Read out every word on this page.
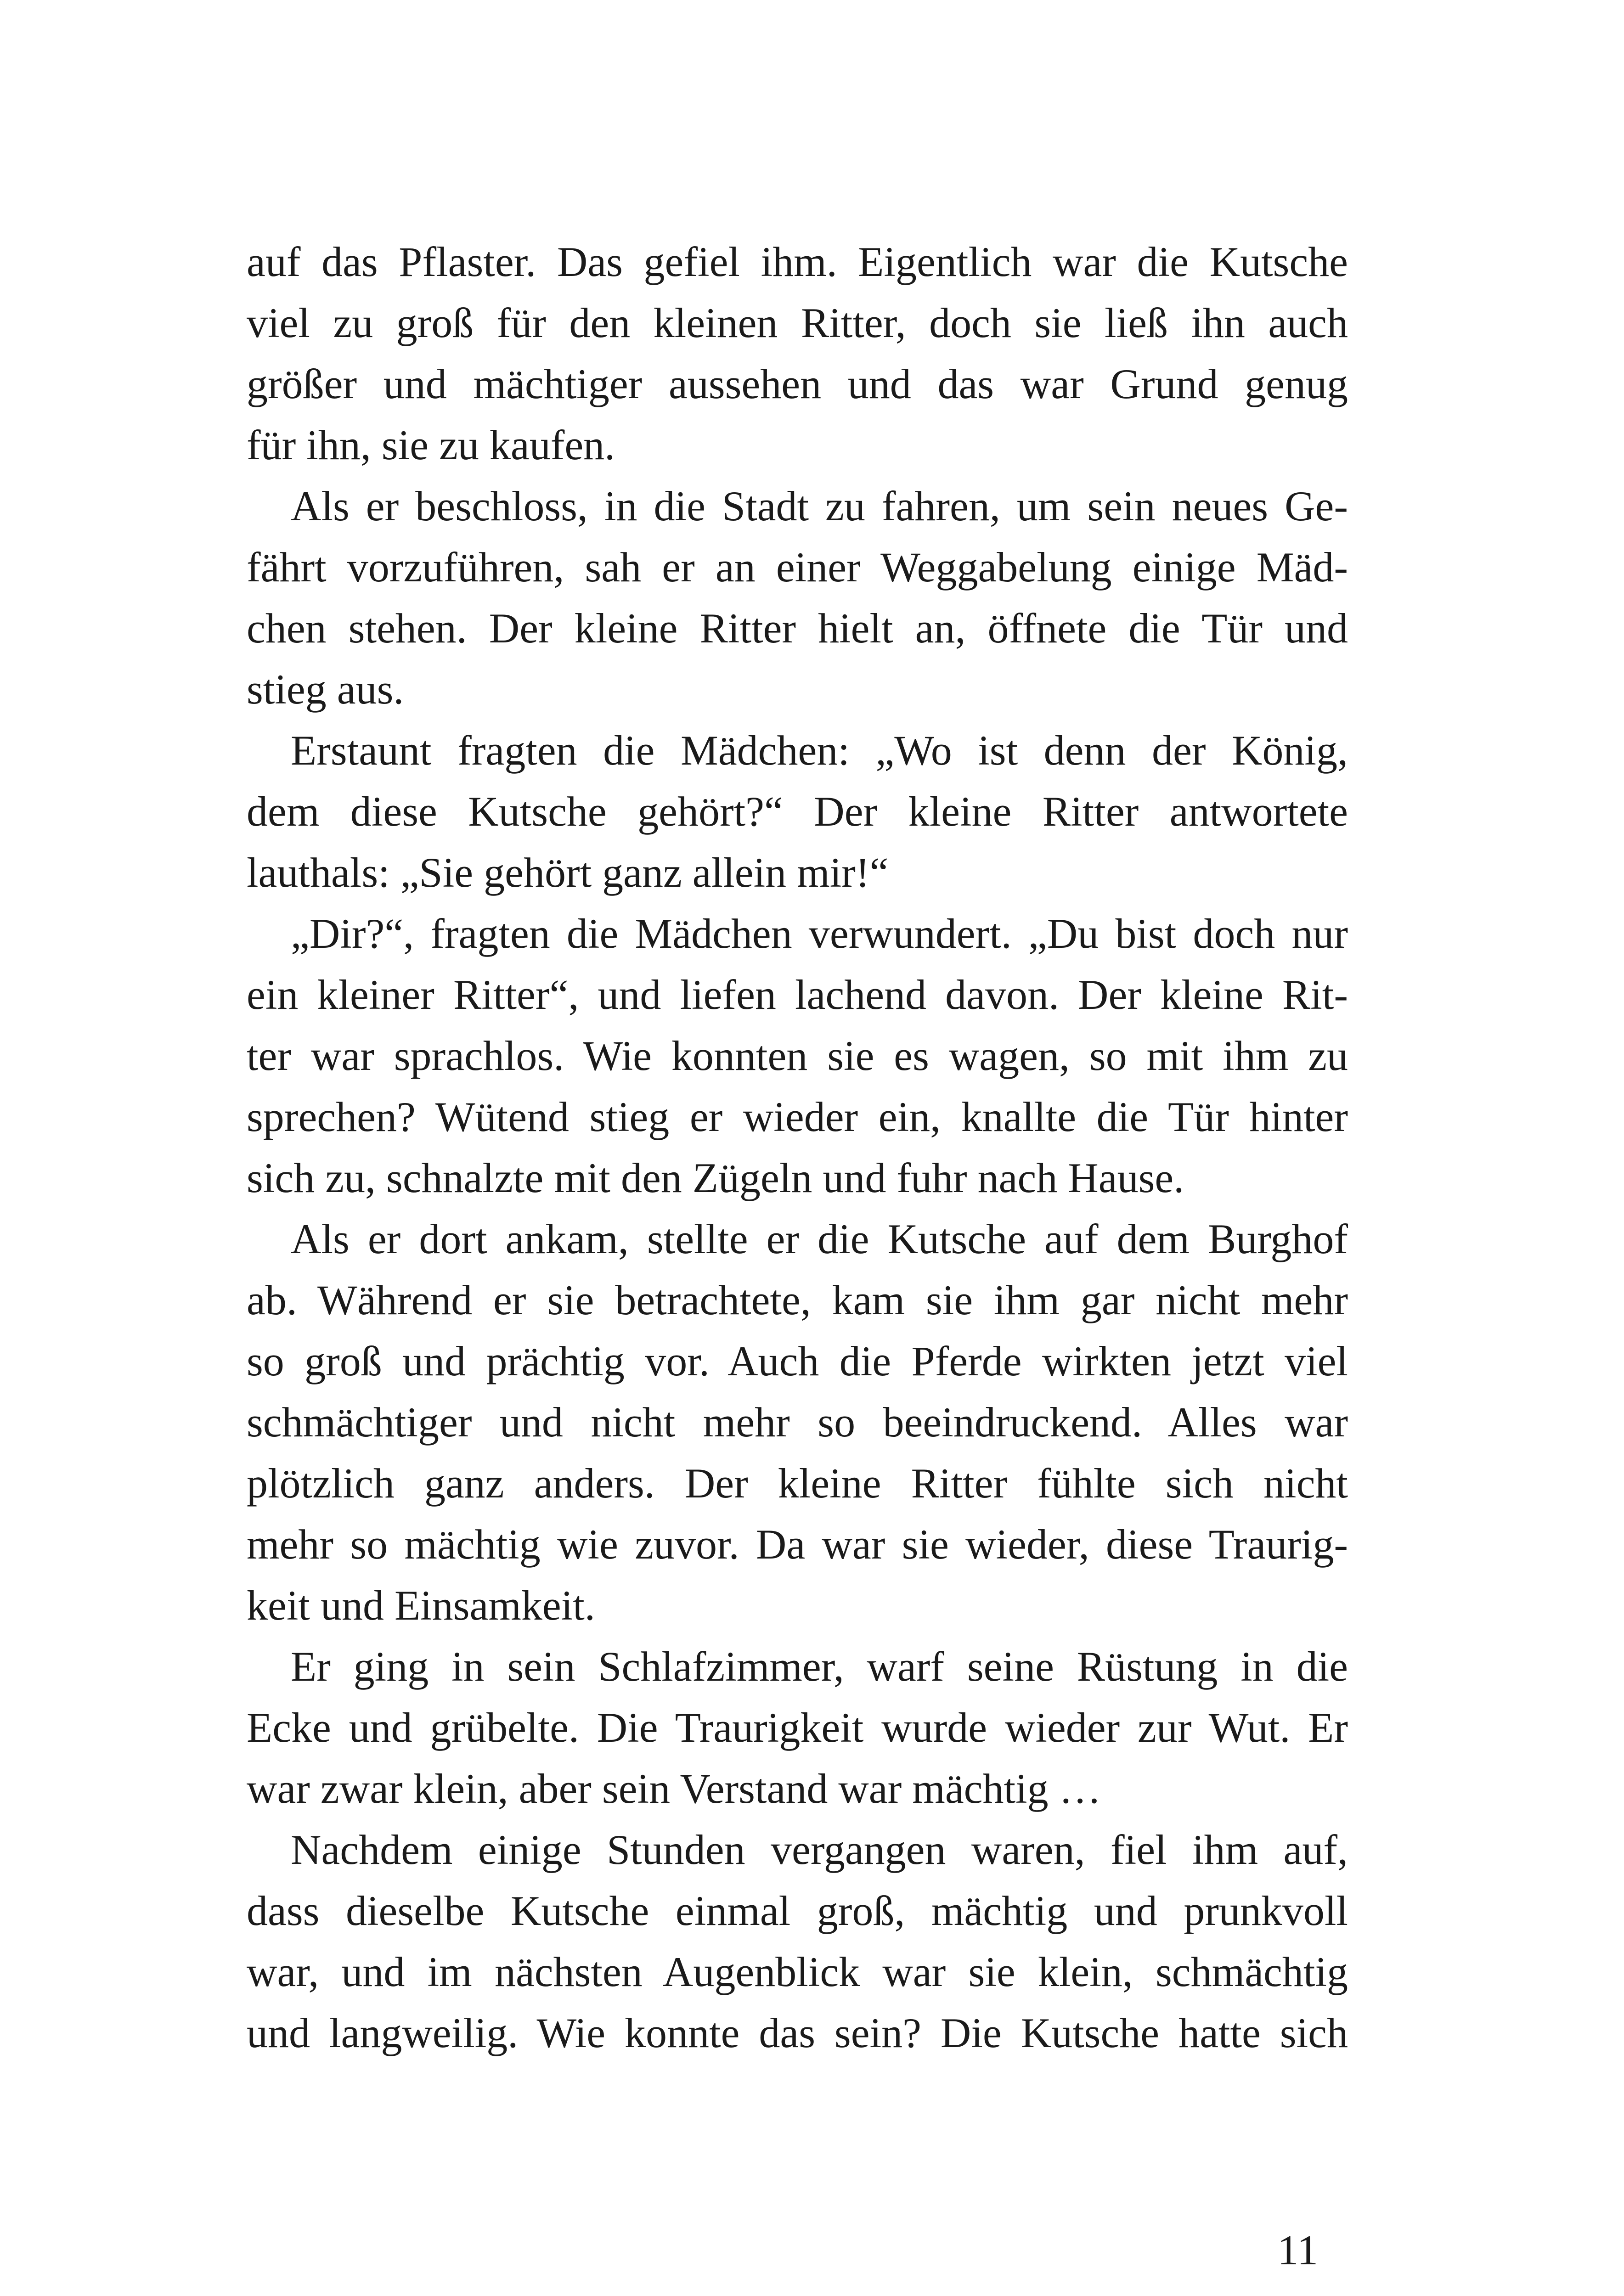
auf das Pflaster. Das gefiel ihm. Eigentlich war die Kutsche
viel zu groß für den kleinen Ritter, doch sie ließ ihn auch
größer und mächtiger aussehen und das war Grund genug
für ihn, sie zu kaufen.
Als er beschloss, in die Stadt zu fahren, um sein neues Ge-
fährt vorzuführen, sah er an einer Weggabelung einige Mäd-
chen stehen. Der kleine Ritter hielt an, öffnete die Tür und
stieg aus.
Erstaunt fragten die Mädchen: „Wo ist denn der König,
dem diese Kutsche gehört?“ Der kleine Ritter antwortete
lauthals: „Sie gehört ganz allein mir!“
„Dir?“, fragten die Mädchen verwundert. „Du bist doch nur
ein kleiner Ritter“, und liefen lachend davon. Der kleine Rit-
ter war sprachlos. Wie konnten sie es wagen, so mit ihm zu
sprechen? Wütend stieg er wieder ein, knallte die Tür hinter
sich zu, schnalzte mit den Zügeln und fuhr nach Hause.
Als er dort ankam, stellte er die Kutsche auf dem Burghof
ab. Während er sie betrachtete, kam sie ihm gar nicht mehr
so groß und prächtig vor. Auch die Pferde wirkten jetzt viel
schmächtiger und nicht mehr so beeindruckend. Alles war
plötzlich ganz anders. Der kleine Ritter fühlte sich nicht
mehr so mächtig wie zuvor. Da war sie wieder, diese Traurig-
keit und Einsamkeit.
Er ging in sein Schlafzimmer, warf seine Rüstung in die
Ecke und grübelte. Die Traurigkeit wurde wieder zur Wut. Er
war zwar klein, aber sein Verstand war mächtig …
Nachdem einige Stunden vergangen waren, fiel ihm auf,
dass dieselbe Kutsche einmal groß, mächtig und prunkvoll
war, und im nächsten Augenblick war sie klein, schmächtig
und langweilig. Wie konnte das sein? Die Kutsche hatte sich
11
